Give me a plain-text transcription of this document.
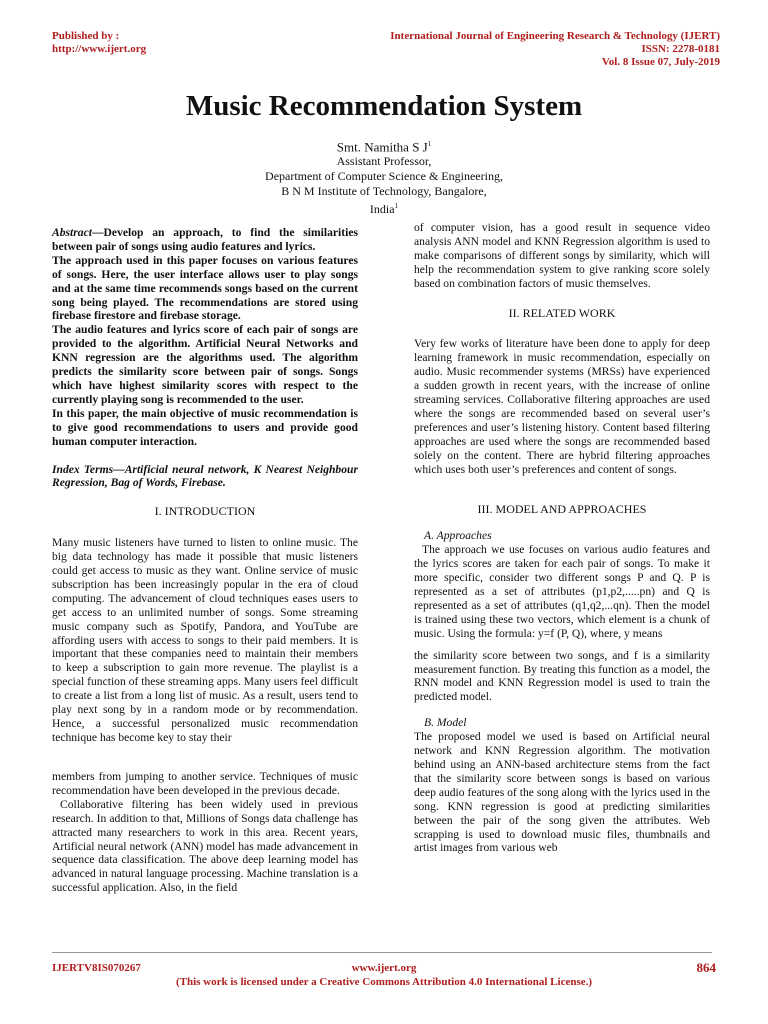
Published by :
http://www.ijert.org
International Journal of Engineering Research & Technology (IJERT)
ISSN: 2278-0181
Vol. 8 Issue 07, July-2019
Music Recommendation System
Smt. Namitha S $J^1$
Assistant Professor,
Department of Computer Science & Engineering,
B N M Institute of Technology, Bangalore,
India$^1$

Abstract—Develop an approach, to find the similarities between pair of songs using audio features and lyrics.

The approach used in this paper focuses on various features of songs. Here, the user interface allows user to play songs and at the same time recommends songs based on the current song being played. The recommendations are stored using firebase firestore and firebase storage.

The audio features and lyrics score of each pair of songs are provided to the algorithm. Artificial Neural Networks and KNN regression are the algorithms used. The algorithm predicts the similarity score between pair of songs. Songs which have highest similarity scores with respect to the currently playing song is recommended to the user.

In this paper, the main objective of music recommendation is to give good recommendations to users and provide good human computer interaction.

Index Terms—Artificial neural network, K Nearest Neighbour Regression, Bag of Words, Firebase.

I. INTRODUCTION

Many music listeners have turned to listen to online music. The big data technology has made it possible that music listeners could get access to music as they want. Online service of music subscription has been increasingly popular in the era of cloud computing. The advancement of cloud techniques eases users to get access to an unlimited number of songs. Some streaming music company such as Spotify, Pandora, and YouTube are affording users with access to songs to their paid members. It is important that these companies need to maintain their members to keep a subscription to gain more revenue. The playlist is a special function of these streaming apps. Many users feel difficult to create a list from a long list of music. As a result, users tend to play next song by in a random mode or by recommendation. Hence, a successful personalized music recommendation technique has become key to stay their

members from jumping to another service. Techniques of music recommendation have been developed in the previous decade.

Collaborative filtering has been widely used in previous research. In addition to that, Millions of Songs data challenge has attracted many researchers to work in this area. Recent years, Artificial neural network (ANN) model has made advancement in sequence data classification. The above deep learning model has advanced in natural language processing. Machine translation is a successful application. Also, in the field

of computer vision, has a good result in sequence video analysis ANN model and KNN Regression algorithm is used to make comparisons of different songs by similarity, which will help the recommendation system to give ranking score solely based on combination factors of music themselves.

II. RELATED WORK

Very few works of literature have been done to apply for deep learning framework in music recommendation, especially on audio. Music recommender systems (MRSs) have experienced a sudden growth in recent years, with the increase of online streaming services. Collaborative filtering approaches are used where the songs are recommended based on several user’s preferences and user’s listening history. Content based filtering approaches are used where the songs are recommended based solely on the content. There are hybrid filtering approaches which uses both user’s preferences and content of songs.

III. MODEL AND APPROACHES

A. Approaches

The approach we use focuses on various audio features and the lyrics scores are taken for each pair of songs. To make it more specific, consider two different songs P and Q. P is represented as a set of attributes (p1,p2,.....pn) and Q is represented as a set of attributes (q1,q2,...qn). Then the model is trained using these two vectors, which element is a chunk of music. Using the formula: y=f (P, Q), where, y means

the similarity score between two songs, and f is a similarity measurement function. By treating this function as a model, the RNN model and KNN Regression model is used to train the predicted model.

B. Model

The proposed model we used is based on Artificial neural network and KNN Regression algorithm. The motivation behind using an ANN-based architecture stems from the fact that the similarity score between songs is based on various deep audio features of the song along with the lyrics used in the song. KNN regression is good at predicting similarities between the pair of the song given the attributes. Web scrapping is used to download music files, thumbnails and artist images from various web

IJERTV8IS070267	www.ijert.org
(This work is licensed under a Creative Commons Attribution 4.0 International License.)
864
